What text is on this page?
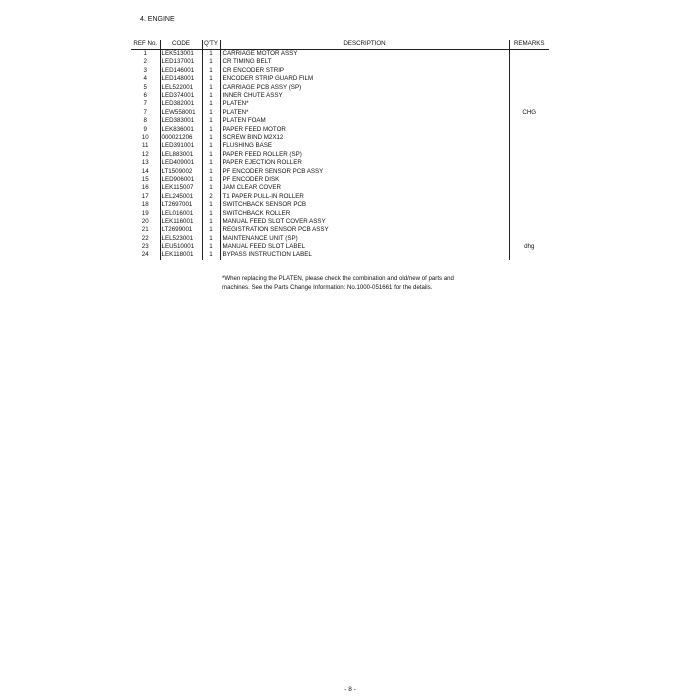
4. ENGINE
REF No.	CODE	Q'TY	DESCRIPTION	REMARKS
1	LEK513001	1	CARRIAGE MOTOR ASSY	
2	LED137001	1	CR TIMING BELT	
3	LED146001	1	CR ENCODER STRIP	
4	LED148001	1	ENCODER STRIP GUARD FILM	
5	LEL522001	1	CARRIAGE PCB ASSY (SP)	
6	LED374001	1	INNER CHUTE ASSY	
7	LED382001	1	PLATEN*	
7	LEW558001	1	PLATEN*	CHG
8	LED383001	1	PLATEN FOAM	
9	LEK836001	1	PAPER FEED MOTOR	
10	000021206	1	SCREW BIND M2X12	
11	LED391001	1	FLUSHING BASE	
12	LEL883001	1	PAPER FEED ROLLER (SP)	
13	LED409001	1	PAPER EJECTION ROLLER	
14	LT1509002	1	PF ENCODER SENSOR PCB ASSY	
15	LED906001	1	PF ENCODER DISK	
16	LEK115007	1	JAM CLEAR COVER	
17	LEL245001	2	T1 PAPER PULL-IN ROLLER	
18	LT2697001	1	SWITCHBACK SENSOR PCB	
19	LEL016001	1	SWITCHBACK ROLLER	
20	LEK116001	1	MANUAL FEED SLOT COVER ASSY	
21	LT2699001	1	REGISTRATION SENSOR PCB ASSY	
22	LEL523001	1	MAINTENANCE UNIT (SP)	
23	LEU510001	1	MANUAL FEED SLOT LABEL	dhg
24	LEK118001	1	BYPASS INSTRUCTION LABEL	
*When replacing the PLATEN, please check the combination and old/new of parts and
machines. See the Parts Change Information: No.1000-051661 for the details.
- 8 -
